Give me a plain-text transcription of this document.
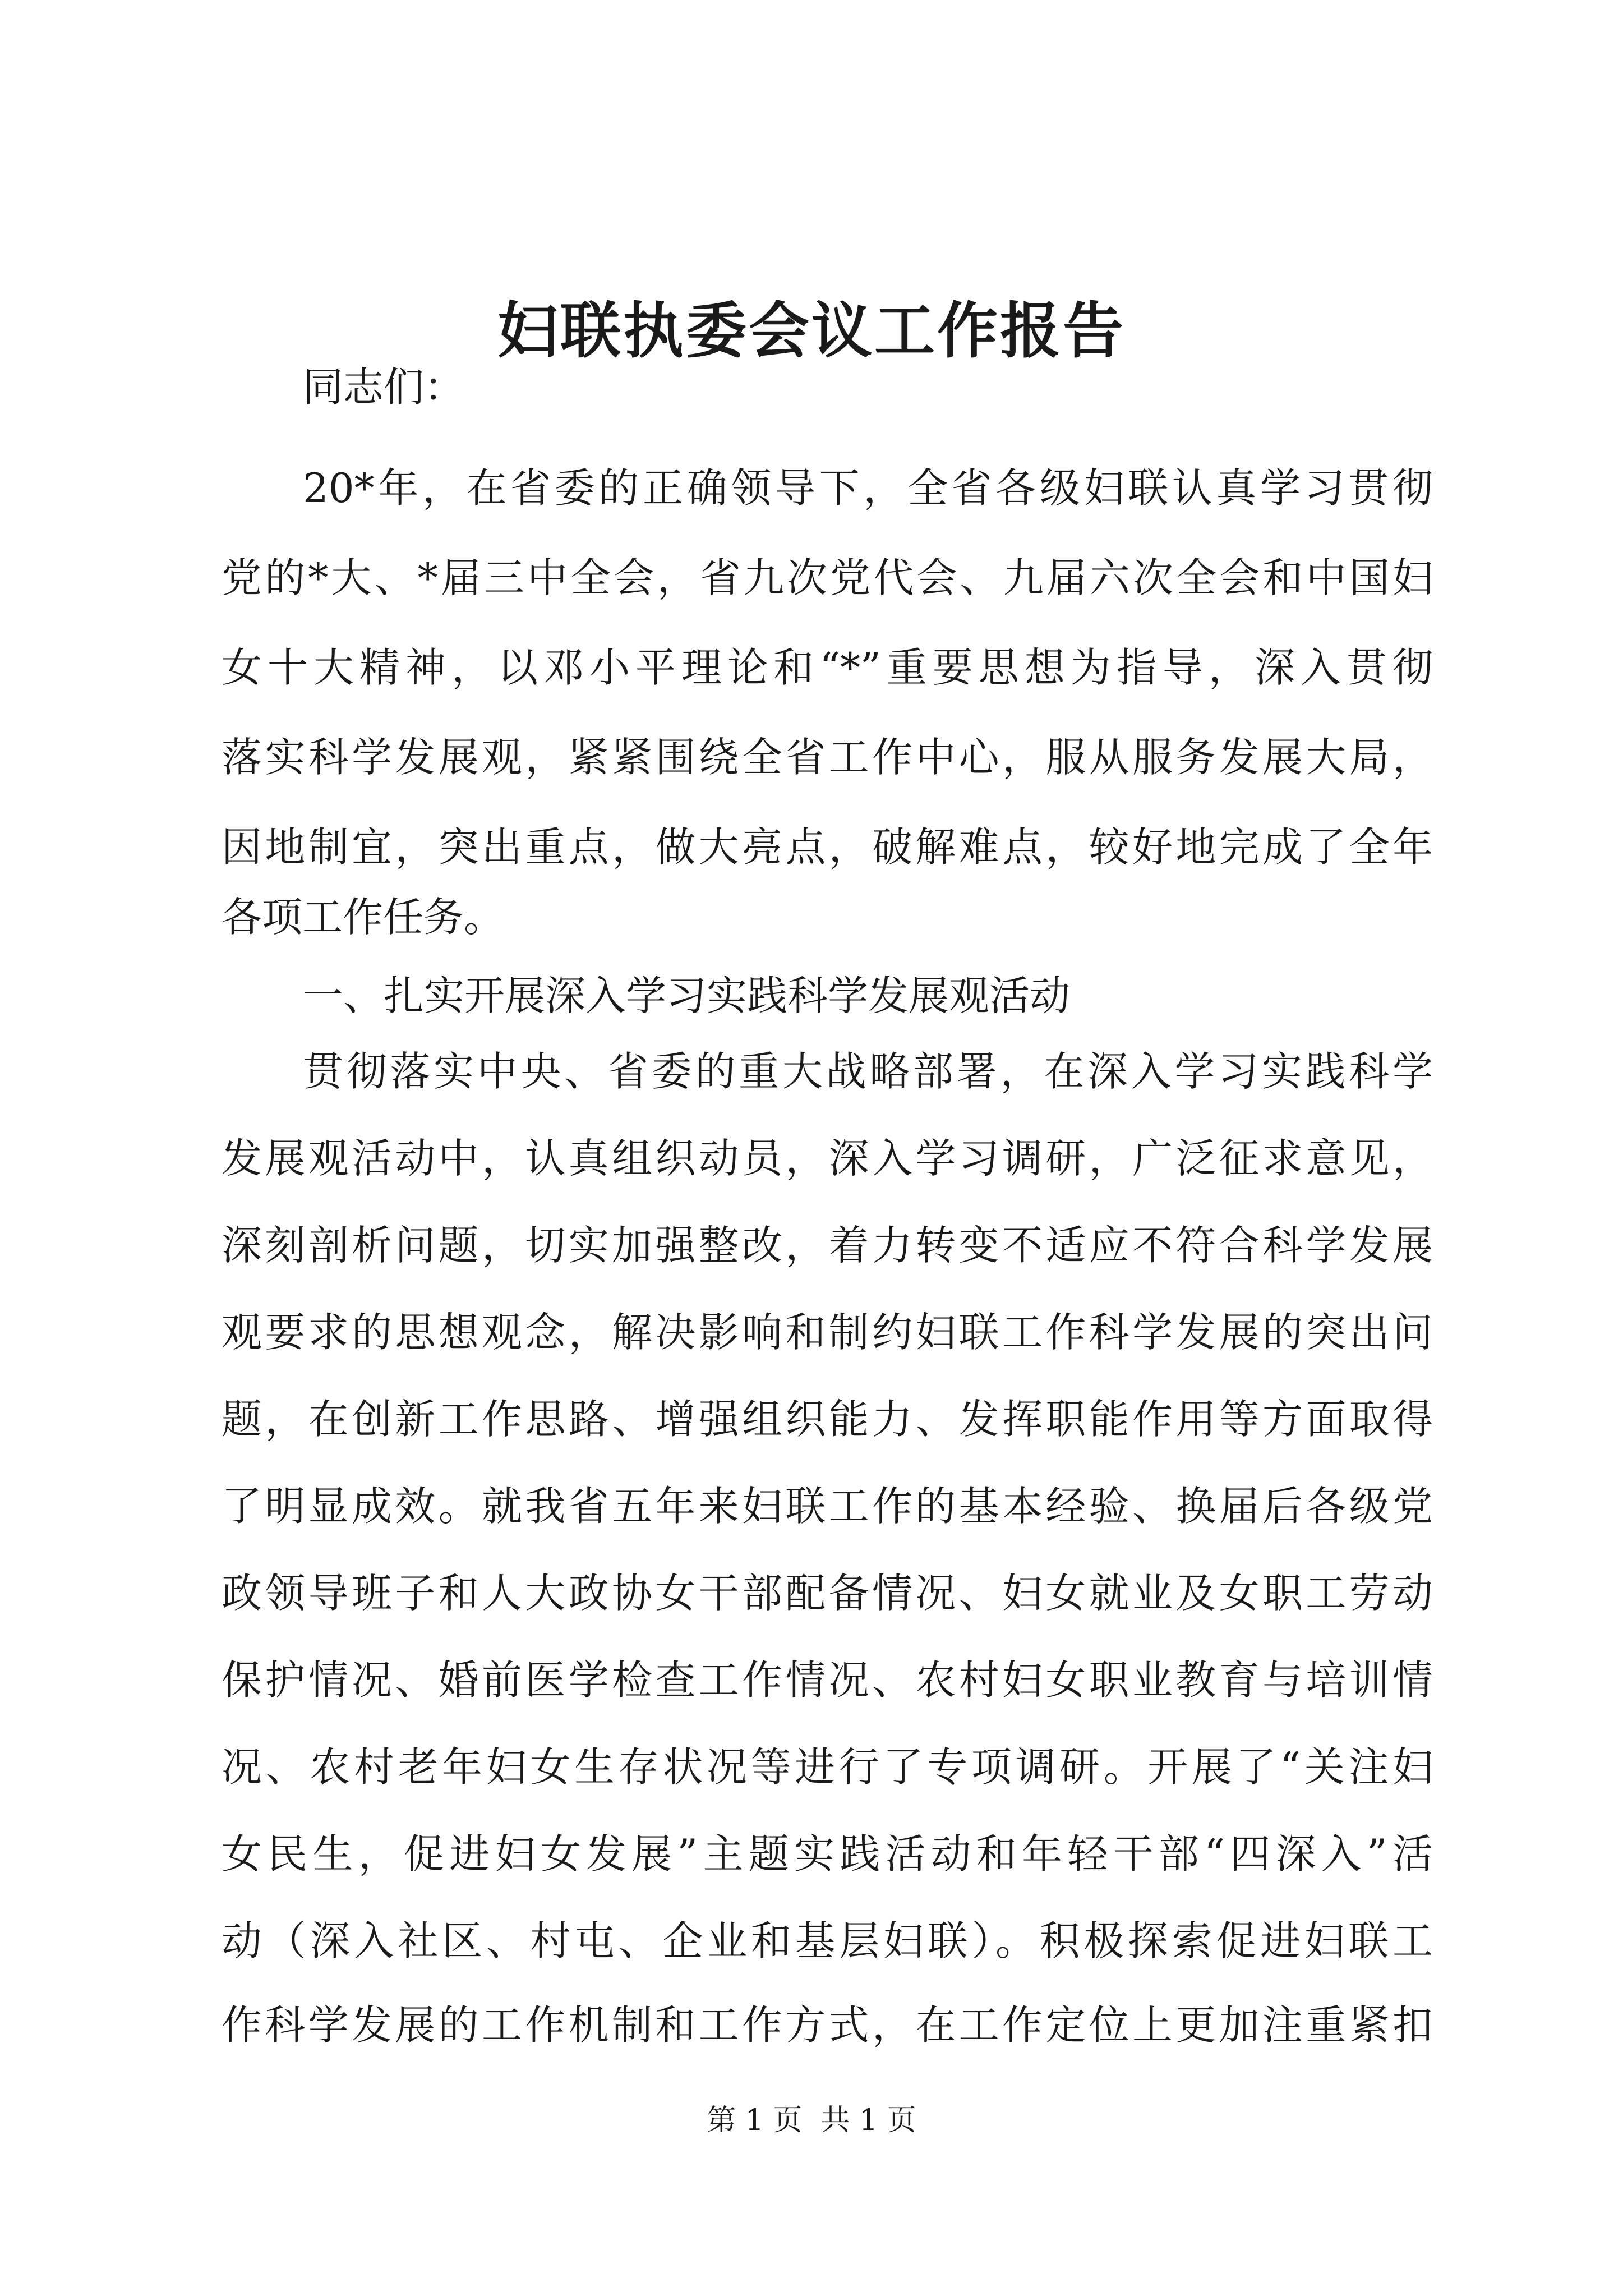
妇联执委会议工作报告
同志们：
20*年，在省委的正确领导下，全省各级妇联认真学习贯彻
党的*大、*届三中全会，省九次党代会、九届六次全会和中国妇
女十大精神，以邓小平理论和“*”重要思想为指导，深入贯彻
落实科学发展观，紧紧围绕全省工作中心，服从服务发展大局，
因地制宜，突出重点，做大亮点，破解难点，较好地完成了全年
各项工作任务。
一、扎实开展深入学习实践科学发展观活动
贯彻落实中央、省委的重大战略部署，在深入学习实践科学
发展观活动中，认真组织动员，深入学习调研，广泛征求意见，
深刻剖析问题，切实加强整改，着力转变不适应不符合科学发展
观要求的思想观念，解决影响和制约妇联工作科学发展的突出问
题，在创新工作思路、增强组织能力、发挥职能作用等方面取得
了明显成效。就我省五年来妇联工作的基本经验、换届后各级党
政领导班子和人大政协女干部配备情况、妇女就业及女职工劳动
保护情况、婚前医学检查工作情况、农村妇女职业教育与培训情
况、农村老年妇女生存状况等进行了专项调研。开展了“关注妇
女民生，促进妇女发展”主题实践活动和年轻干部“四深入”活
动（深入社区、村屯、企业和基层妇联）。积极探索促进妇联工
作科学发展的工作机制和工作方式，在工作定位上更加注重紧扣
第 1 页  共 1 页
